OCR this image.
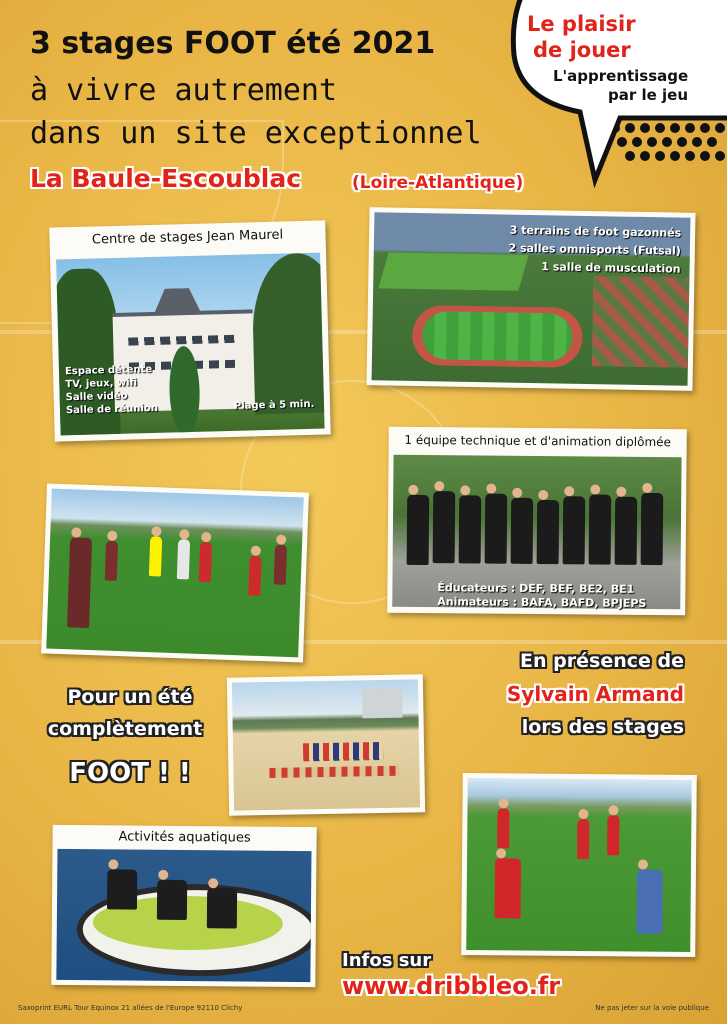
3 stages FOOT été 2021
à vivre autrement
dans un site exceptionnel
La Baule-Escoublac	(Loire-Atlantique)
Le plaisir
de jouer
L'apprentissage
par le jeu
Centre de stages Jean Maurel
Espace détente
TV, jeux, wifi
Salle vidéo
Salle de réunion	Plage à 5 min.
3 terrains de foot gazonnés
2 salles omnisports (Futsal)
1 salle de musculation
1 équipe technique et d'animation diplômée
Éducateurs : DEF, BEF, BE2, BE1
Animateurs : BAFA, BAFD, BPJEPS
Pour un été
complètement
FOOT ! !
En présence de
Sylvain Armand
lors des stages
Activités aquatiques
Infos sur
www.dribbleo.fr
Saxoprint EURL Tour Equinox 21 allées de l'Europe 92110 Clichy	Ne pas jeter sur la voie publique
